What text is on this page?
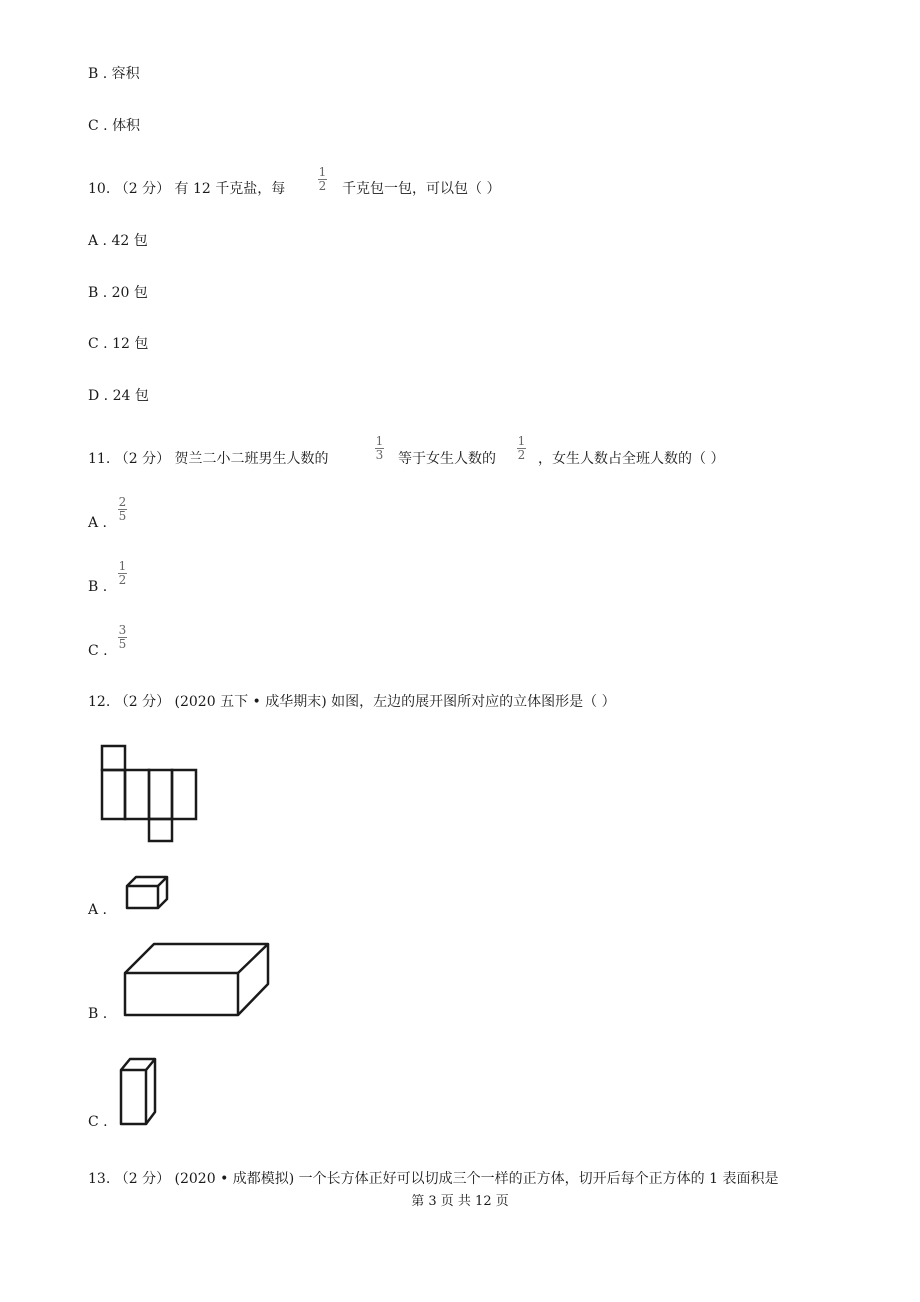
B . 容积
C . 体积
10. （2 分） 有 12 千克盐，每
1
2 千克包一包，可以包（ ）
A . 42 包
B . 20 包
C . 12 包
D . 24 包
11. （2 分） 贺兰二小二班男生人数的
1
3 等于女生人数的
1
2 ，女生人数占全班人数的（ ）
A .
2
5
B .
1
2
C .
3
5
12. （2 分） (2020 五下 • 成华期末) 如图，左边的展开图所对应的立体图形是（ ）
A .
B .
C .
13. （2 分） (2020 • 成都模拟) 一个长方体正好可以切成三个一样的正方体，切开后每个正方体的 1 表面积是
第 3 页 共 12 页
